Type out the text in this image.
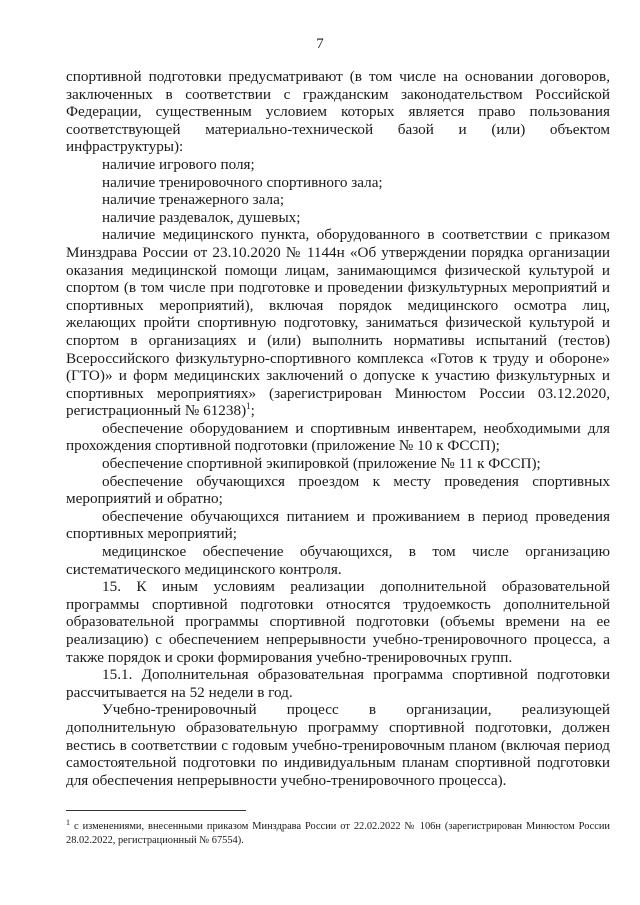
7

спортивной подготовки предусматривают (в том числе на основании договоров, заключенных в соответствии с гражданским законодательством Российской Федерации, существенным условием которых является право пользования соответствующей материально-технической базой и (или) объектом инфраструктуры):

наличие игрового поля;

наличие тренировочного спортивного зала;

наличие тренажерного зала;

наличие раздевалок, душевых;

наличие медицинского пункта, оборудованного в соответствии с приказом Минздрава России от 23.10.2020 № 1144н «Об утверждении порядка организации оказания медицинской помощи лицам, занимающимся физической культурой и спортом (в том числе при подготовке и проведении физкультурных мероприятий и спортивных мероприятий), включая порядок медицинского осмотра лиц, желающих пройти спортивную подготовку, заниматься физической культурой и спортом в организациях и (или) выполнить нормативы испытаний (тестов) Всероссийского физкультурно-спортивного комплекса «Готов к труду и обороне» (ГТО)» и форм медицинских заключений о допуске к участию физкультурных и спортивных мероприятиях» (зарегистрирован Минюстом России 03.12.2020, регистрационный № 61238)$^1$;

обеспечение оборудованием и спортивным инвентарем, необходимыми для прохождения спортивной подготовки (приложение № 10 к ФССП);

обеспечение спортивной экипировкой (приложение № 11 к ФССП);

обеспечение обучающихся проездом к месту проведения спортивных мероприятий и обратно;

обеспечение обучающихся питанием и проживанием в период проведения спортивных мероприятий;

медицинское обеспечение обучающихся, в том числе организацию систематического медицинского контроля.

15. К иным условиям реализации дополнительной образовательной программы спортивной подготовки относятся трудоемкость дополнительной образовательной программы спортивной подготовки (объемы времени на ее реализацию) с обеспечением непрерывности учебно-тренировочного процесса, а также порядок и сроки формирования учебно-тренировочных групп.

15.1. Дополнительная образовательная программа спортивной подготовки рассчитывается на 52 недели в год.

Учебно-тренировочный процесс в организации, реализующей дополнительную образовательную программу спортивной подготовки, должен вестись в соответствии с годовым учебно-тренировочным планом (включая период самостоятельной подготовки по индивидуальным планам спортивной подготовки для обеспечения непрерывности учебно-тренировочного процесса).

$^1$ с изменениями, внесенными приказом Минздрава России от 22.02.2022 № 106н (зарегистрирован Минюстом России 28.02.2022, регистрационный № 67554).
